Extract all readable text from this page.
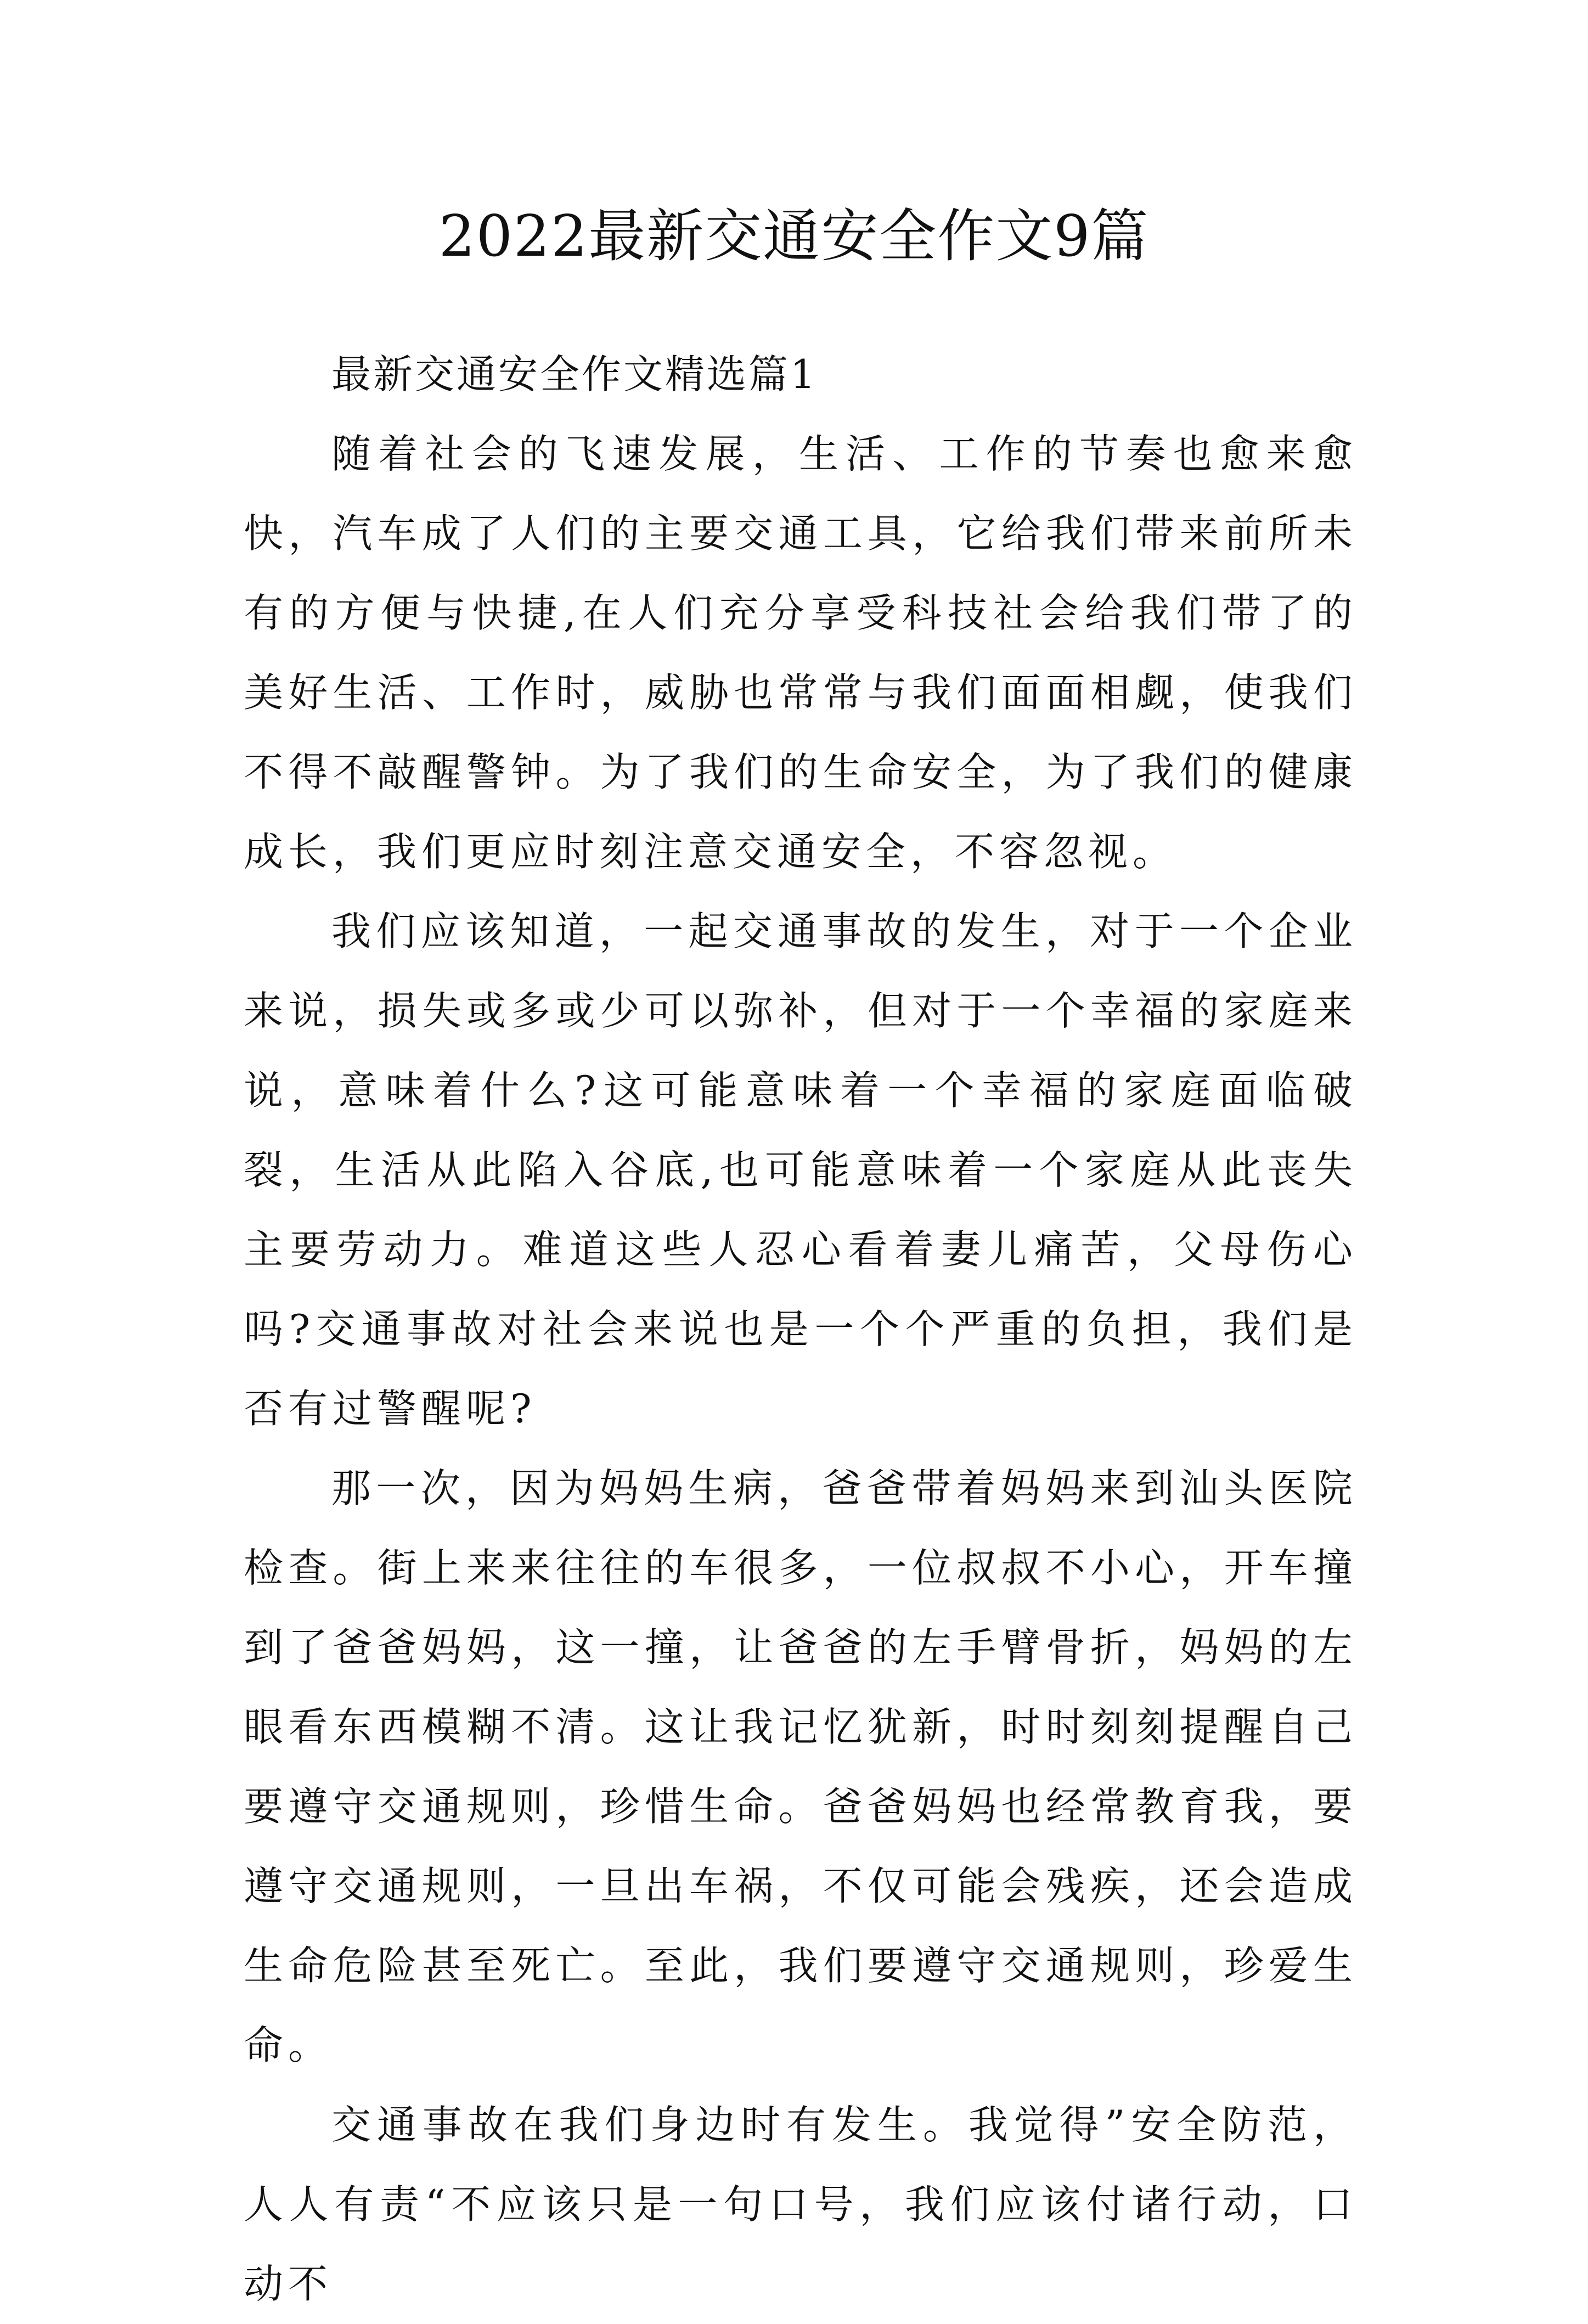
2022最新交通安全作文9篇

最新交通安全作文精选篇1

随着社会的飞速发展，生活、工作的节奏也愈来愈快，汽车成了人们的主要交通工具，它给我们带来前所未有的方便与快捷,在人们充分享受科技社会给我们带了的美好生活、工作时，威胁也常常与我们面面相觑，使我们不得不敲醒警钟。为了我们的生命安全，为了我们的健康成长，我们更应时刻注意交通安全，不容忽视。

我们应该知道，一起交通事故的发生，对于一个企业来说，损失或多或少可以弥补，但对于一个幸福的家庭来说，意味着什么?这可能意味着一个幸福的家庭面临破裂，生活从此陷入谷底,也可能意味着一个家庭从此丧失主要劳动力。难道这些人忍心看着妻儿痛苦，父母伤心吗?交通事故对社会来说也是一个个严重的负担，我们是否有过警醒呢?

那一次，因为妈妈生病，爸爸带着妈妈来到汕头医院检查。街上来来往往的车很多，一位叔叔不小心，开车撞到了爸爸妈妈，这一撞，让爸爸的左手臂骨折，妈妈的左眼看东西模糊不清。这让我记忆犹新，时时刻刻提醒自己要遵守交通规则，珍惜生命。爸爸妈妈也经常教育我，要遵守交通规则，一旦出车祸，不仅可能会残疾，还会造成生命危险甚至死亡。至此，我们要遵守交通规则，珍爱生命。

交通事故在我们身边时有发生。我觉得”安全防范，人人有责“不应该只是一句口号，我们应该付诸行动，口动不
